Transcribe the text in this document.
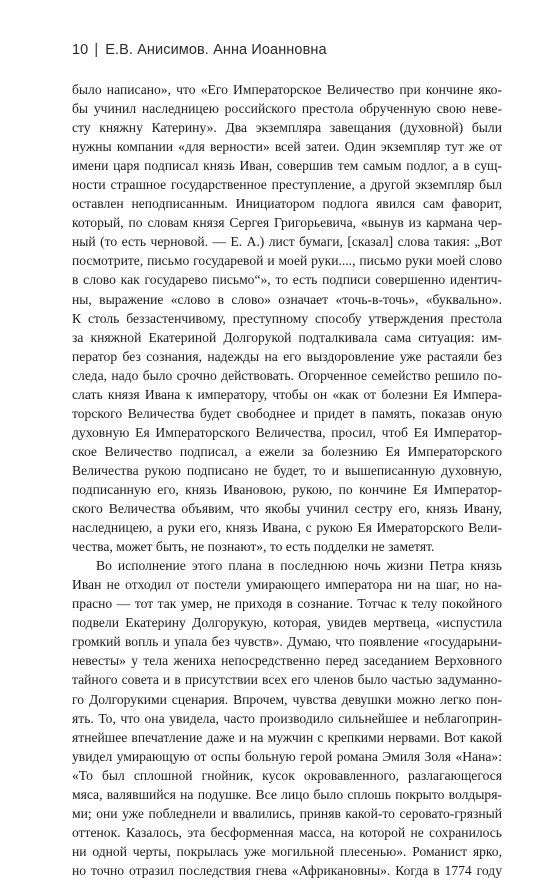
10 | Е.В. Анисимов. Анна Иоанновна
было написано», что «Его Императорское Величество при кончине яко-
бы учинил наследницею российского престола обрученную свою неве-
сту княжну Катерину». Два экземпляра завещания (духовной) были
нужны компании «для верности» всей затеи. Один экземпляр тут же от
имени царя подписал князь Иван, совершив тем самым подлог, а в сущ-
ности страшное государственное преступление, а другой экземпляр был
оставлен неподписанным. Инициатором подлога явился сам фаворит,
который, по словам князя Сергея Григорьевича, «вынув из кармана чер-
ный (то есть черновой. — Е. А.) лист бумаги, [сказал] слова такия: „Вот
посмотрите, письмо государевой и моей руки...., письмо руки моей слово
в слово как государево письмо“», то есть подписи совершенно идентич-
ны, выражение «слово в слово» означает «точь-в-точь», «буквально».
К столь беззастенчивому, преступному способу утверждения престола
за княжной Екатериной Долгорукой подталкивала сама ситуация: им-
ператор без сознания, надежды на его выздоровление уже растаяли без
следа, надо было срочно действовать. Огорченное семейство решило по-
слать князя Ивана к императору, чтобы он «как от болезни Ея Импера-
торского Величества будет свободнее и придет в память, показав оную
духовную Ея Императорского Величества, просил, чтоб Ея Император-
ское Величество подписал, а ежели за болезнию Ея Императорского
Величества рукою подписано не будет, то и вышеписанную духовную,
подписанную его, князь Ивановою, рукою, по кончине Ея Император-
ского Величества объявим, что якобы учинил сестру его, князь Ивану,
наследницею, а руки его, князь Ивана, с рукою Ея Имераторского Вели-
чества, может быть, не познают», то есть подделки не заметят.
Во исполнение этого плана в последнюю ночь жизни Петра князь
Иван не отходил от постели умирающего императора ни на шаг, но на-
прасно — тот так умер, не приходя в сознание. Тотчас к телу покойного
подвели Екатерину Долгорукую, которая, увидев мертвеца, «испустила
громкий вопль и упала без чувств». Думаю, что появление «государыни-
невесты» у тела жениха непосредственно перед заседанием Верховного
тайного совета и в присутствии всех его членов было частью задуманно-
го Долгорукими сценария. Впрочем, чувства девушки можно легко пон-
ять. То, что она увидела, часто производило сильнейшее и неблагоприн-
ятнейшее впечатление даже и на мужчин с крепкими нервами. Вот какой
увидел умирающую от оспы больную герой романа Эмиля Золя «Нана»:
«То был сплошной гнойник, кусок окровавленного, разлагающегося
мяса, валявшийся на подушке. Все лицо было сплошь покрыто волдыря-
ми; они уже побледнели и ввалились, приняв какой-то серовато-грязный
оттенок. Казалось, эта бесформенная масса, на которой не сохранилось
ни одной черты, покрылась уже могильной плесенью». Романист ярко,
но точно отразил последствия гнева «Африкановны». Когда в 1774 году
